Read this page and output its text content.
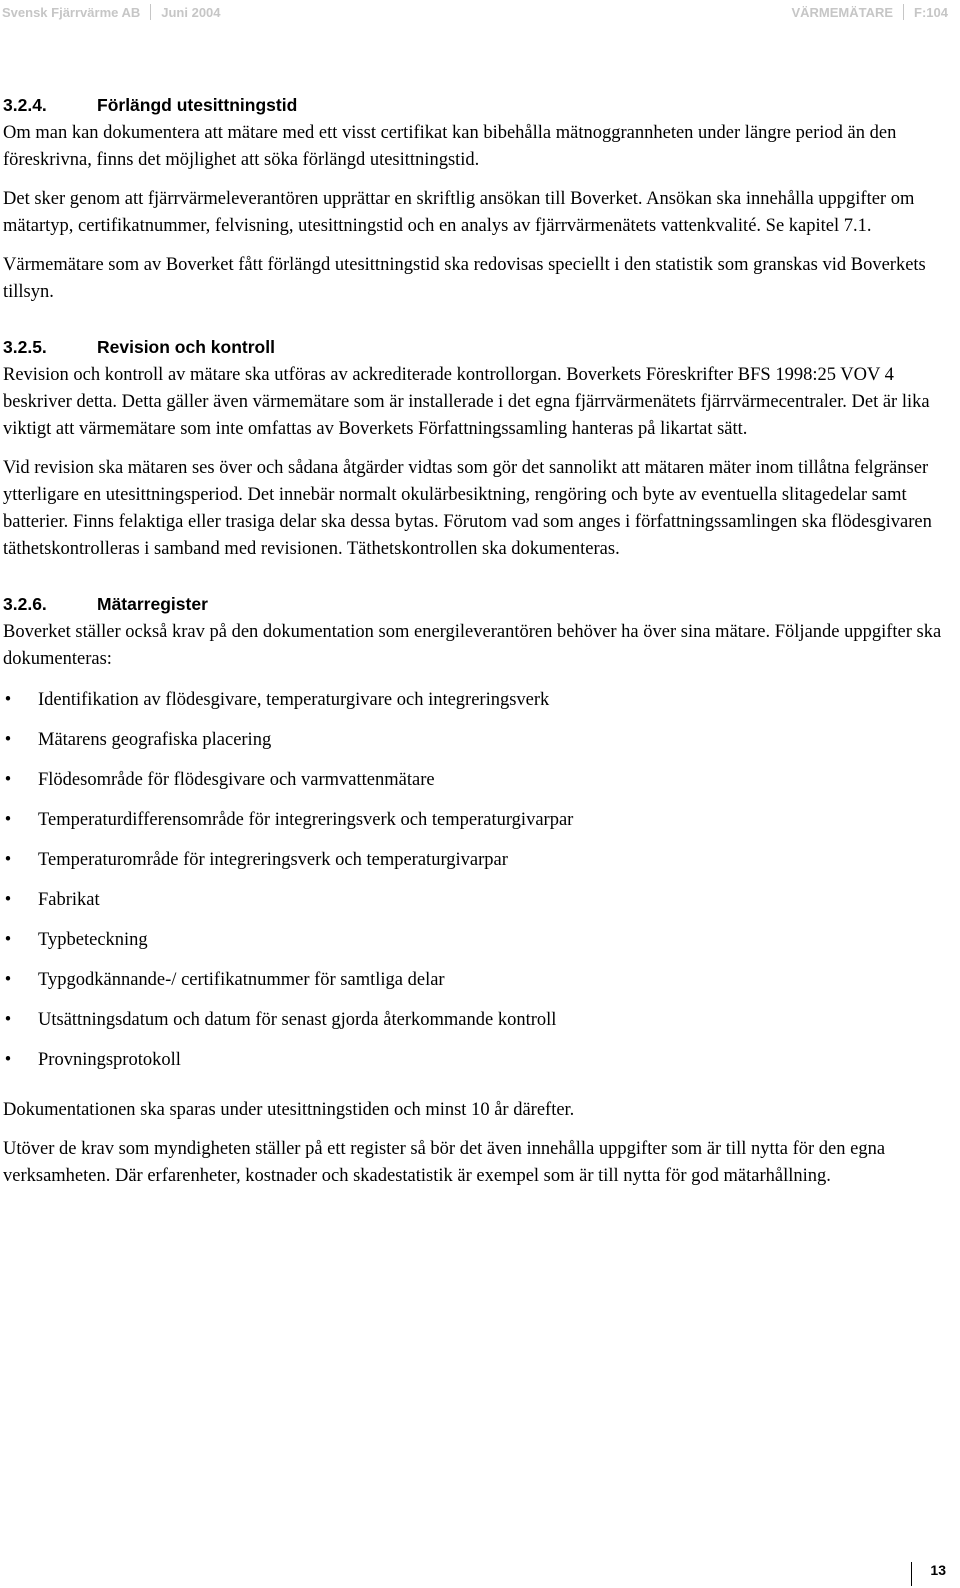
Svensk Fjärrvärme AB Juni 2004	VÄRMEMÄTARE F:104
3.2.4.	Förlängd utesittningstid

Om man kan dokumentera att mätare med ett visst certifikat kan bibehålla mätnoggrannheten under längre period än den föreskrivna, finns det möjlighet att söka förlängd utesittningstid.

Det sker genom att fjärrvärmeleverantören upprättar en skriftlig ansökan till Boverket. Ansökan ska innehålla uppgifter om mätartyp, certifikatnummer, felvisning, utesittningstid och en analys av fjärrvärmenätets vattenkvalité. Se kapitel 7.1.

Värmemätare som av Boverket fått förlängd utesittningstid ska redovisas speciellt i den statistik som granskas vid Boverkets tillsyn.

3.2.5.	Revision och kontroll

Revision och kontroll av mätare ska utföras av ackrediterade kontrollorgan. Boverkets Föreskrifter BFS 1998:25 VOV 4 beskriver detta. Detta gäller även värmemätare som är installerade i det egna fjärrvärmenätets fjärrvärmecentraler. Det är lika viktigt att värmemätare som inte omfattas av Boverkets Författningssamling hanteras på likartat sätt.

Vid revision ska mätaren ses över och sådana åtgärder vidtas som gör det sannolikt att mätaren mäter inom tillåtna felgränser ytterligare en utesittningsperiod. Det innebär normalt okulärbesiktning, rengöring och byte av eventuella slitagedelar samt batterier. Finns felaktiga eller trasiga delar ska dessa bytas. Förutom vad som anges i författningssamlingen ska flödesgivaren täthetskontrolleras i samband med revisionen. Täthetskontrollen ska dokumenteras.

3.2.6.	Mätarregister

Boverket ställer också krav på den dokumentation som energileverantören behöver ha över sina mätare. Följande uppgifter ska dokumenteras:

• Identifikation av flödesgivare, temperaturgivare och integreringsverk
• Mätarens geografiska placering
• Flödesområde för flödesgivare och varmvattenmätare
• Temperaturdifferensområde för integreringsverk och temperaturgivarpar
• Temperaturområde för integreringsverk och temperaturgivarpar
• Fabrikat
• Typbeteckning
• Typgodkännande-/ certifikatnummer för samtliga delar
• Utsättningsdatum och datum för senast gjorda återkommande kontroll
• Provningsprotokoll

Dokumentationen ska sparas under utesittningstiden och minst 10 år därefter.

Utöver de krav som myndigheten ställer på ett register så bör det även innehålla uppgifter som är till nytta för den egna verksamheten. Där erfarenheter, kostnader och skadestatistik är exempel som är till nytta för god mätarhållning.

13
